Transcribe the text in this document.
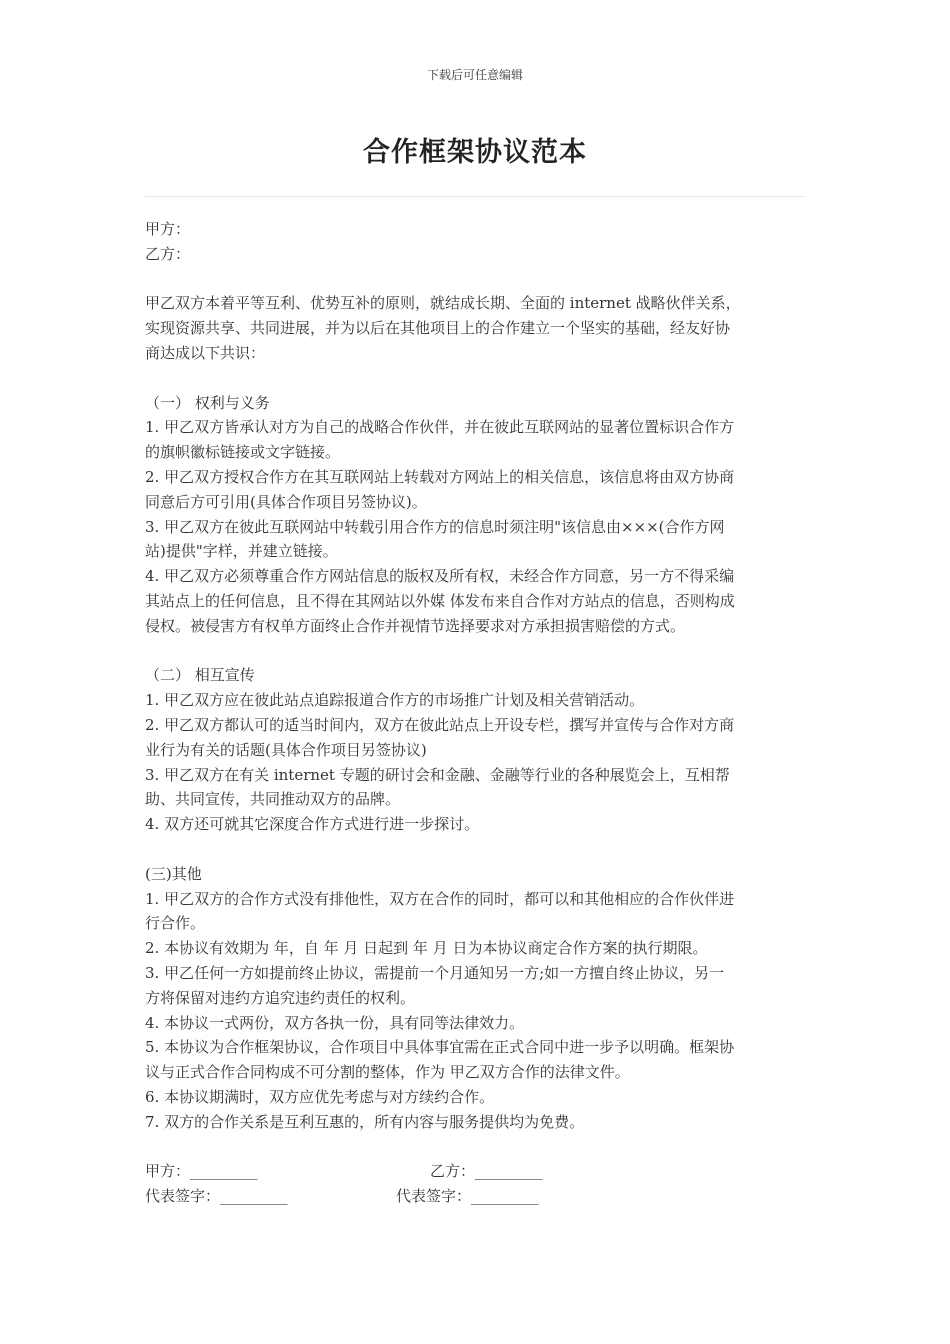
下载后可任意编辑
合作框架协议范本
甲方：
乙方：
甲乙双方本着平等互利、优势互补的原则，就结成长期、全面的 internet 战略伙伴关系，
实现资源共享、共同进展，并为以后在其他项目上的合作建立一个坚实的基础，经友好协
商达成以下共识：
（一） 权利与义务
1. 甲乙双方皆承认对方为自己的战略合作伙伴，并在彼此互联网站的显著位置标识合作方
的旗帜徽标链接或文字链接。
2. 甲乙双方授权合作方在其互联网站上转载对方网站上的相关信息，该信息将由双方协商
同意后方可引用(具体合作项目另签协议)。
3. 甲乙双方在彼此互联网站中转载引用合作方的信息时须注明"该信息由×××(合作方网
站)提供"字样，并建立链接。
4. 甲乙双方必须尊重合作方网站信息的版权及所有权，未经合作方同意，另一方不得采编
其站点上的任何信息，且不得在其网站以外媒 体发布来自合作对方站点的信息，否则构成
侵权。被侵害方有权单方面终止合作并视情节选择要求对方承担损害赔偿的方式。
（二） 相互宣传
1. 甲乙双方应在彼此站点追踪报道合作方的市场推广计划及相关营销活动。
2. 甲乙双方都认可的适当时间内，双方在彼此站点上开设专栏，撰写并宣传与合作对方商
业行为有关的话题(具体合作项目另签协议)
3. 甲乙双方在有关 internet 专题的研讨会和金融、金融等行业的各种展览会上，互相帮
助、共同宣传，共同推动双方的品牌。
4. 双方还可就其它深度合作方式进行进一步探讨。
(三)其他
1. 甲乙双方的合作方式没有排他性，双方在合作的同时，都可以和其他相应的合作伙伴进
行合作。
2. 本协议有效期为 年，自 年 月 日起到 年 月 日为本协议商定合作方案的执行期限。
3. 甲乙任何一方如提前终止协议，需提前一个月通知另一方;如一方擅自终止协议，另一
方将保留对违约方追究违约责任的权利。
4. 本协议一式两份，双方各执一份，具有同等法律效力。
5. 本协议为合作框架协议，合作项目中具体事宜需在正式合同中进一步予以明确。框架协
议与正式合作合同构成不可分割的整体，作为 甲乙双方合作的法律文件。
6. 本协议期满时，双方应优先考虑与对方续约合作。
7. 双方的合作关系是互利互惠的，所有内容与服务提供均为免费。
甲方：_________	乙方：_________
代表签字：_________	代表签字：_________
